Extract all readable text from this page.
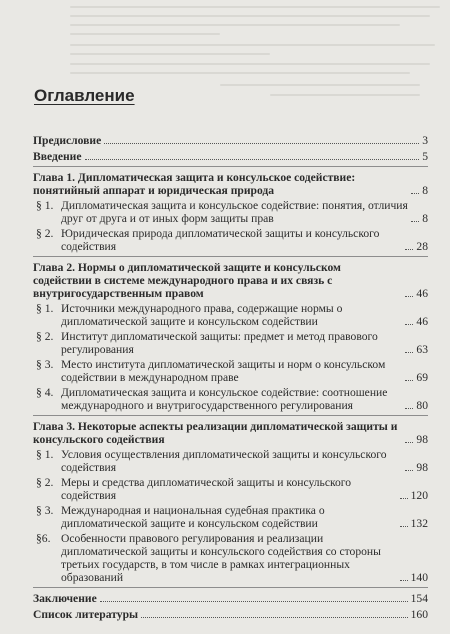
Оглавление
Предисловие	3
Введение	5
Глава 1. Дипломатическая защита и консульское содействие: понятийный аппарат и юридическая природа	8
§ 1. Дипломатическая защита и консульское содействие: понятия, отличия друг от друга и от иных форм защиты прав	8
§ 2. Юридическая природа дипломатической защиты и консульского содействия	28
Глава 2. Нормы о дипломатической защите и консульском содействии в системе международного права и их связь с внутригосударственным правом	46
§ 1. Источники международного права, содержащие нормы о дипломатической защите и консульском содействии	46
§ 2. Институт дипломатической защиты: предмет и метод правового регулирования	63
§ 3. Место института дипломатической защиты и норм о консульском содействии в международном праве	69
§ 4. Дипломатическая защита и консульское содействие: соотношение международного и внутригосударственного регулирования	80
Глава 3. Некоторые аспекты реализации дипломатической защиты и консульского содействия	98
§ 1. Условия осуществления дипломатической защиты и консульского содействия	98
§ 2. Меры и средства дипломатической защиты и консульского содействия	120
§ 3. Международная и национальная судебная практика о дипломатической защите и консульском содействии	132
§6. Особенности правового регулирования и реализации дипломатической защиты и консульского содействия со стороны третьих государств, в том числе в рамках интеграционных образований	140
Заключение	154
Список литературы	160
